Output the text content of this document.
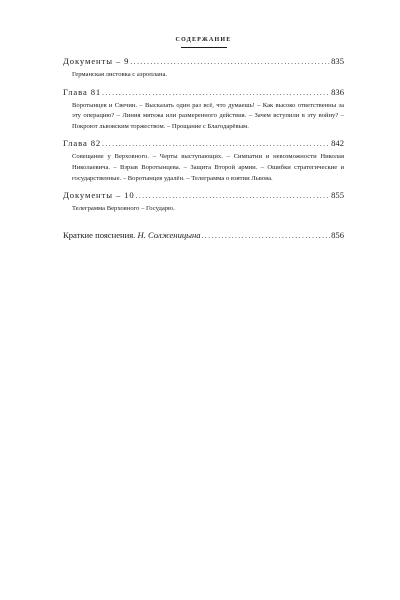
СОДЕРЖАНИЕ
Документы – 9 .....	835
Германская листовка с аэроплана.
Глава 81 .....	836
Воротынцев и Свечин. – Высказать один раз всё, что думаешь! – Как высоко ответственны за эту операцию? – Линия мятежа или размеренного действия. – Зачем вступили в эту войну? – Покроют львовским торжеством. – Прощание с Благодарёвым.
Глава 82 .....	842
Совещание у Верховного. – Черты выступающих. – Симпатии и невозможности Николая Николаевича. – Взрыв Воротынцева. – Защита Второй армии. – Ошибки стратегические и государственные. – Воротынцев удалён. – Телеграмма о взятии Львова.
Документы – 10 .....	855
Телеграмма Верховного – Государю.
Краткие пояснения. Н. Солженицына .....	856
